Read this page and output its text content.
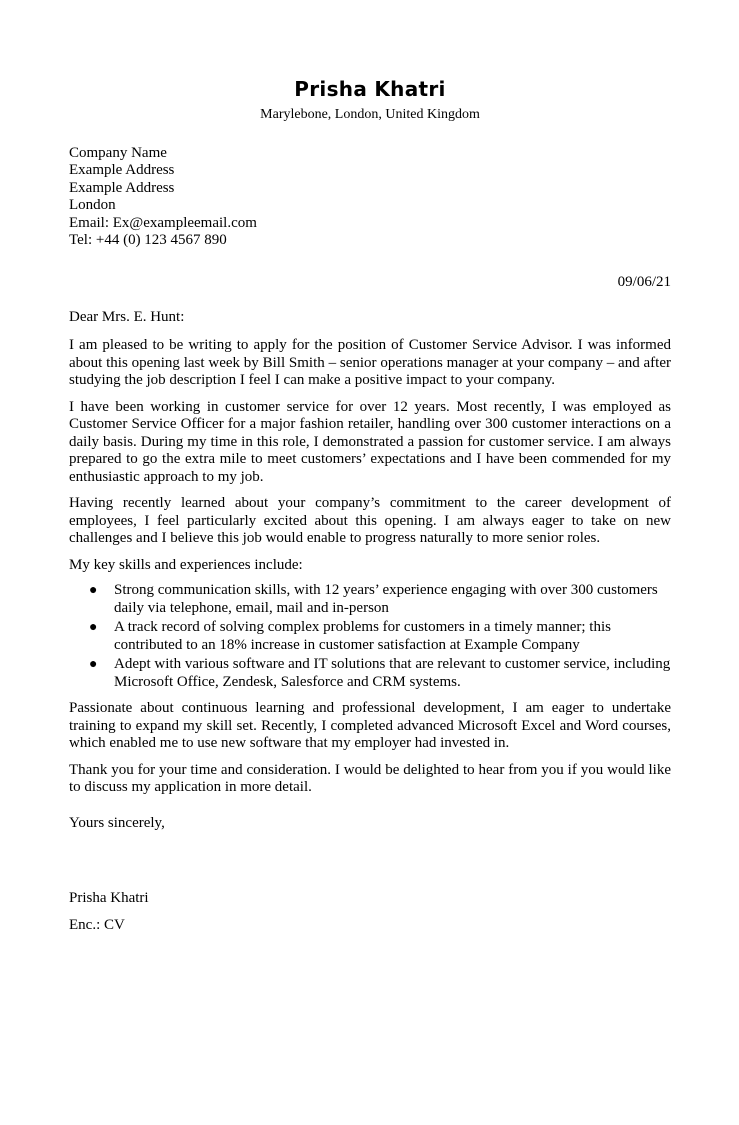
Prisha Khatri
Marylebone, London, United Kingdom
Company Name
Example Address
Example Address
London
Email: Ex@exampleemail.com
Tel: +44 (0) 123 4567 890
09/06/21
Dear Mrs. E. Hunt:

I am pleased to be writing to apply for the position of Customer Service Advisor. I was informed about this opening last week by Bill Smith – senior operations manager at your company – and after studying the job description I feel I can make a positive impact to your company.

I have been working in customer service for over 12 years. Most recently, I was employed as Customer Service Officer for a major fashion retailer, handling over 300 customer interactions on a daily basis. During my time in this role, I demonstrated a passion for customer service. I am always prepared to go the extra mile to meet customers’ expectations and I have been commended for my enthusiastic approach to my job.

Having recently learned about your company’s commitment to the career development of employees, I feel particularly excited about this opening. I am always eager to take on new challenges and I believe this job would enable to progress naturally to more senior roles.

My key skills and experiences include:

● Strong communication skills, with 12 years’ experience engaging with over 300 customers daily via telephone, email, mail and in-person
● A track record of solving complex problems for customers in a timely manner; this contributed to an 18% increase in customer satisfaction at Example Company
● Adept with various software and IT solutions that are relevant to customer service, including Microsoft Office, Zendesk, Salesforce and CRM systems.

Passionate about continuous learning and professional development, I am eager to undertake training to expand my skill set. Recently, I completed advanced Microsoft Excel and Word courses, which enabled me to use new software that my employer had invested in.

Thank you for your time and consideration. I would be delighted to hear from you if you would like to discuss my application in more detail.

Yours sincerely,
Prisha Khatri
Enc.: CV
